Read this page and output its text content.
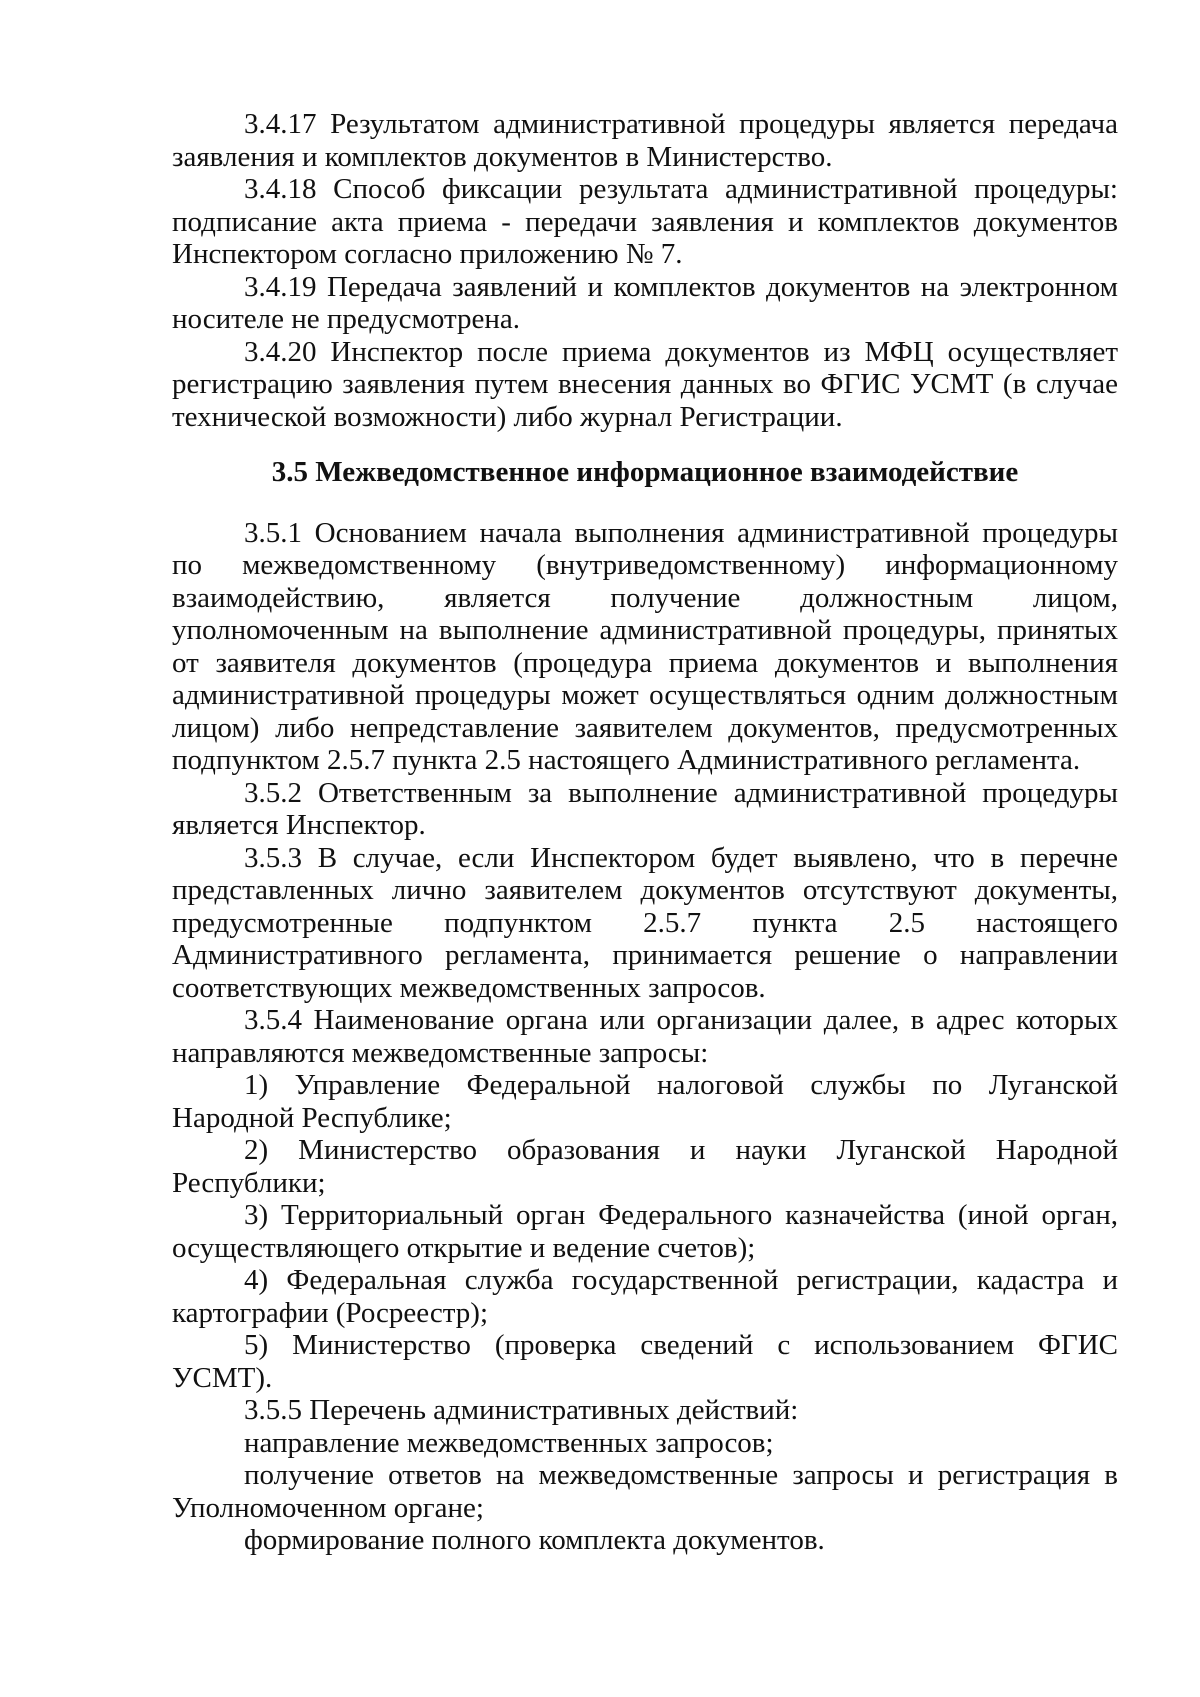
3.4.17 Результатом административной процедуры является передача заявления и комплектов документов в Министерство.

3.4.18 Способ фиксации результата административной процедуры: подписание акта приема - передачи заявления и комплектов документов Инспектором согласно приложению № 7.

3.4.19 Передача заявлений и комплектов документов на электронном носителе не предусмотрена.

3.4.20 Инспектор после приема документов из МФЦ осуществляет регистрацию заявления путем внесения данных во ФГИС УСМТ (в случае технической возможности) либо журнал Регистрации.

3.5 Межведомственное информационное взаимодействие

3.5.1 Основанием начала выполнения административной процедуры по межведомственному (внутриведомственному) информационному взаимодействию, является получение должностным лицом, уполномоченным на выполнение административной процедуры, принятых от заявителя документов (процедура приема документов и выполнения административной процедуры может осуществляться одним должностным лицом) либо непредставление заявителем документов, предусмотренных подпунктом 2.5.7 пункта 2.5 настоящего Административного регламента.

3.5.2 Ответственным за выполнение административной процедуры является Инспектор.

3.5.3 В случае, если Инспектором будет выявлено, что в перечне представленных лично заявителем документов отсутствуют документы, предусмотренные подпунктом 2.5.7 пункта 2.5 настоящего Административного регламента, принимается решение о направлении соответствующих межведомственных запросов.

3.5.4 Наименование органа или организации далее, в адрес которых направляются межведомственные запросы:

1) Управление Федеральной налоговой службы по Луганской Народной Республике;

2) Министерство образования и науки Луганской Народной Республики;

3) Территориальный орган Федерального казначейства (иной орган, осуществляющего открытие и ведение счетов);

4) Федеральная служба государственной регистрации, кадастра и картографии (Росреестр);

5) Министерство (проверка сведений с использованием ФГИС УСМТ).

3.5.5 Перечень административных действий:

направление межведомственных запросов;

получение ответов на межведомственные запросы и регистрация в Уполномоченном органе;

формирование полного комплекта документов.
